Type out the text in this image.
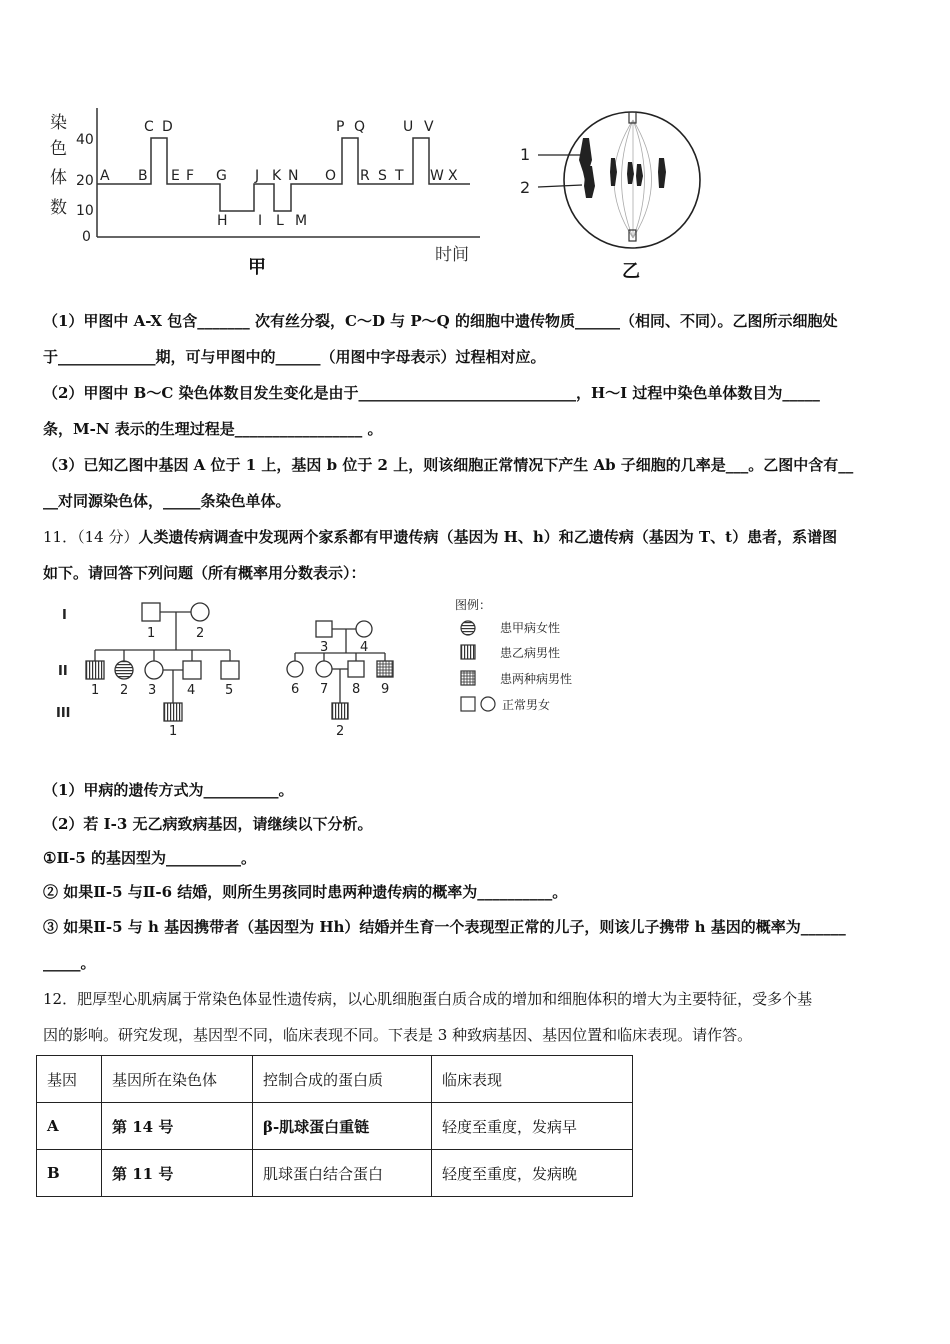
染
色
体
数
40
20
10
0
C D	P Q	U V
A B E F G J K N O R S T W X
H I L M
时间
甲
1
2
乙
（1）甲图中 A-X 包含_______ 次有丝分裂，C～D 与 P～Q 的细胞中遗传物质______（相同、不同）。乙图所示细胞处
于_____________期，可与甲图中的______（用图中字母表示）过程相对应。
（2）甲图中 B～C 染色体数目发生变化是由于_____________________________，H～I 过程中染色单体数目为_____
条，M-N 表示的生理过程是_________________ 。
（3）已知乙图中基因 A 位于 1 上，基因 b 位于 2 上，则该细胞正常情况下产生 Ab 子细胞的几率是___。乙图中含有__
__对同源染色体，_____条染色单体。
11．（14 分）人类遗传病调查中发现两个家系都有甲遗传病（基因为 H、h）和乙遗传病（基因为 T、t）患者，系谱图
如下。请回答下列问题（所有概率用分数表示）：
I
II
III
1	2
1 2 3 4 5
1
3 4
6 7 8 9
2
图例：
患甲病女性
患乙病男性
患两种病男性
正常男女
（1）甲病的遗传方式为__________。
（2）若 I-3 无乙病致病基因，请继续以下分析。
①Ⅱ-5 的基因型为__________。
② 如果Ⅱ-5 与Ⅱ-6 结婚，则所生男孩同时患两种遗传病的概率为__________。
③ 如果Ⅱ-5 与 h 基因携带者（基因型为 Hh）结婚并生育一个表现型正常的儿子，则该儿子携带 h 基因的概率为______
_____。
12．肥厚型心肌病属于常染色体显性遗传病，以心肌细胞蛋白质合成的增加和细胞体积的增大为主要特征，受多个基
因的影响。研究发现，基因型不同，临床表现不同。下表是 3 种致病基因、基因位置和临床表现。请作答。
基因	基因所在染色体	控制合成的蛋白质	临床表现
A	第 14 号	β-肌球蛋白重链	轻度至重度，发病早
B	第 11 号	肌球蛋白结合蛋白	轻度至重度，发病晚
